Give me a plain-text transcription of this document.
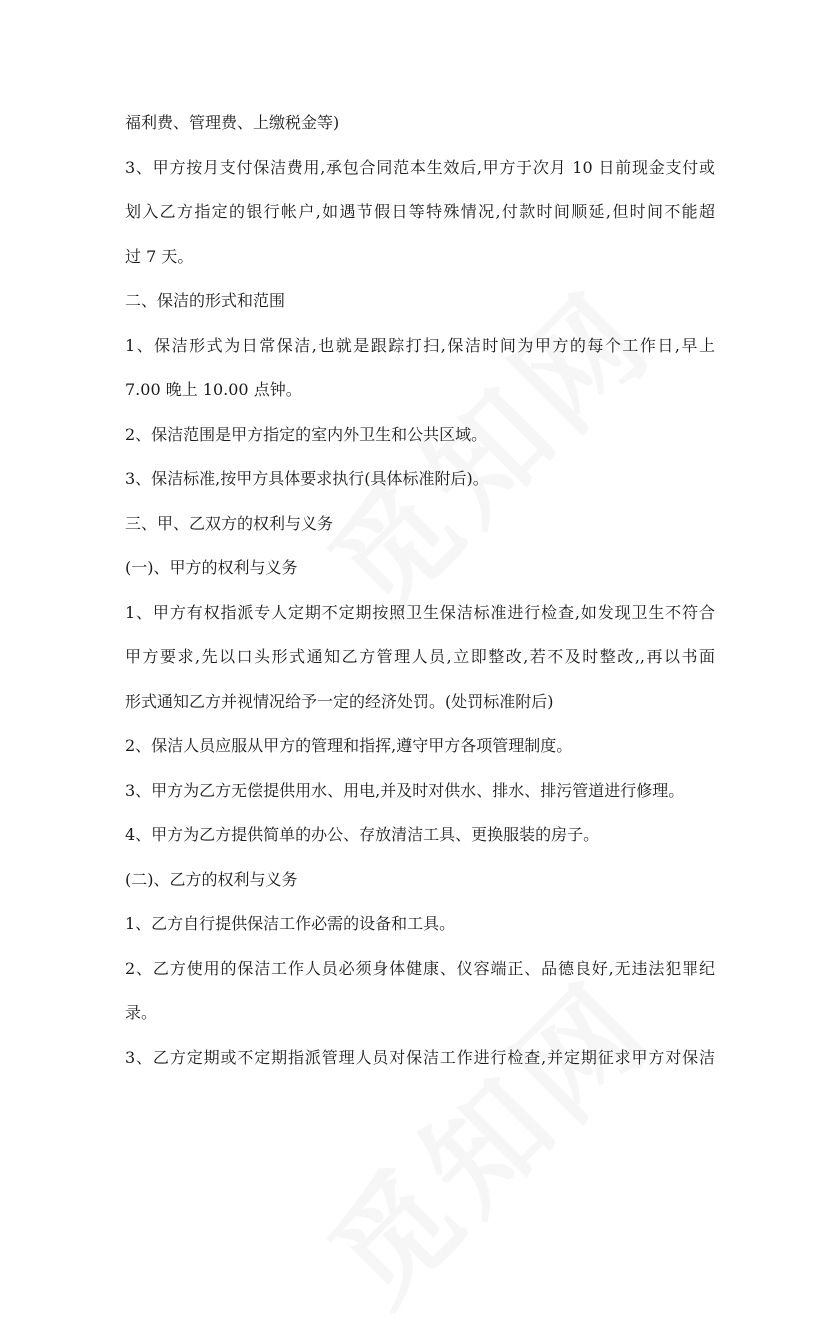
福利费、管理费、上缴税金等)
3、甲方按月支付保洁费用,承包合同范本生效后,甲方于次月 10 日前现金支付或
划入乙方指定的银行帐户,如遇节假日等特殊情况,付款时间顺延,但时间不能超
过 7 天。
二、保洁的形式和范围
1、保洁形式为日常保洁,也就是跟踪打扫,保洁时间为甲方的每个工作日,早上
7.00 晚上 10.00 点钟。
2、保洁范围是甲方指定的室内外卫生和公共区域。
3、保洁标准,按甲方具体要求执行(具体标准附后)。
三、甲、乙双方的权利与义务
(一)、甲方的权利与义务
1、甲方有权指派专人定期不定期按照卫生保洁标准进行检查,如发现卫生不符合
甲方要求,先以口头形式通知乙方管理人员,立即整改,若不及时整改,,再以书面
形式通知乙方并视情况给予一定的经济处罚。(处罚标准附后)
2、保洁人员应服从甲方的管理和指挥,遵守甲方各项管理制度。
3、甲方为乙方无偿提供用水、用电,并及时对供水、排水、排污管道进行修理。
4、甲方为乙方提供简单的办公、存放清洁工具、更换服装的房子。
(二)、乙方的权利与义务
1、乙方自行提供保洁工作必需的设备和工具。
2、乙方使用的保洁工作人员必须身体健康、仪容端正、品德良好,无违法犯罪纪
录。
3、乙方定期或不定期指派管理人员对保洁工作进行检查,并定期征求甲方对保洁
